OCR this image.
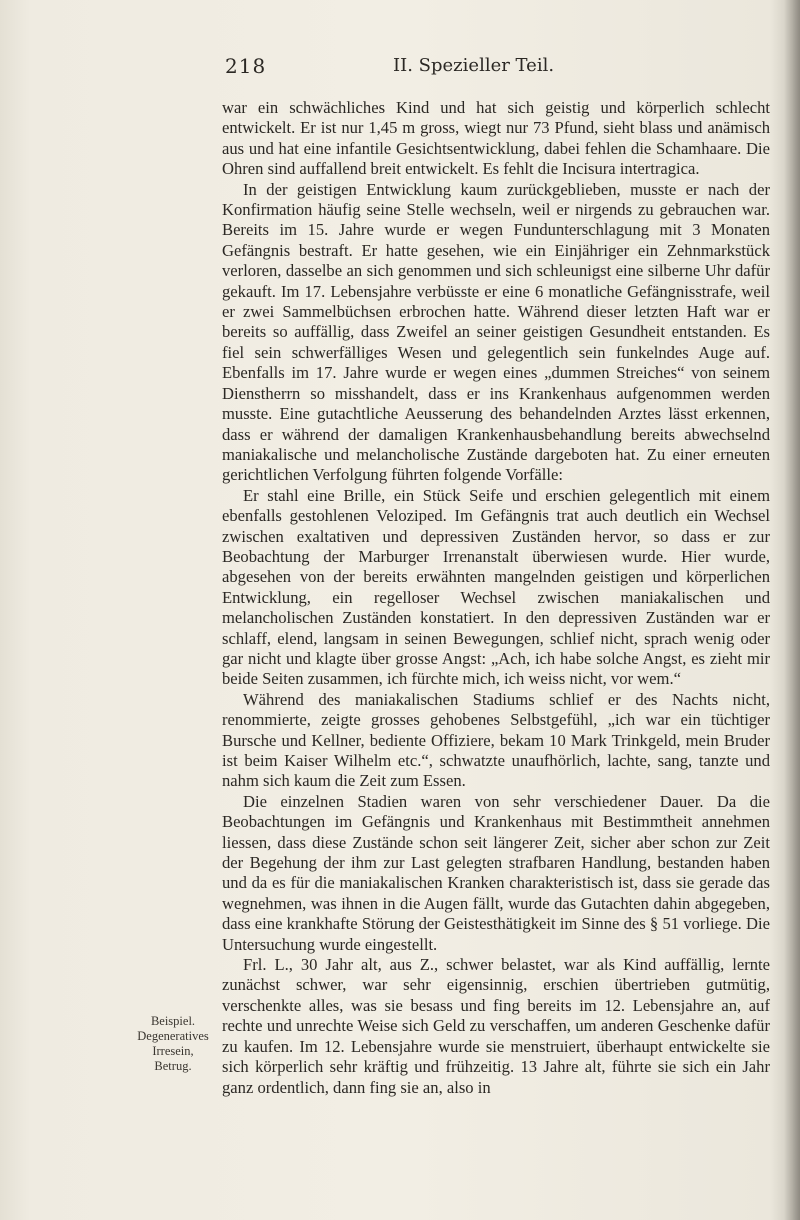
218	II. Spezieller Teil.

war ein schwächliches Kind und hat sich geistig und körperlich schlecht entwickelt. Er ist nur 1,45 m gross, wiegt nur 73 Pfund, sieht blass und anämisch aus und hat eine infantile Gesichtsentwicklung, dabei fehlen die Schamhaare. Die Ohren sind auffallend breit entwickelt. Es fehlt die Incisura intertragica.

In der geistigen Entwicklung kaum zurückgeblieben, musste er nach der Konfirmation häufig seine Stelle wechseln, weil er nirgends zu gebrauchen war. Bereits im 15. Jahre wurde er wegen Fundunterschlagung mit 3 Monaten Gefängnis bestraft. Er hatte gesehen, wie ein Einjähriger ein Zehnmarkstück verloren, dasselbe an sich genommen und sich schleunigst eine silberne Uhr dafür gekauft. Im 17. Lebensjahre verbüsste er eine 6 monatliche Gefängnisstrafe, weil er zwei Sammelbüchsen erbrochen hatte. Während dieser letzten Haft war er bereits so auffällig, dass Zweifel an seiner geistigen Gesundheit entstanden. Es fiel sein schwerfälliges Wesen und gelegentlich sein funkelndes Auge auf. Ebenfalls im 17. Jahre wurde er wegen eines „dummen Streiches“ von seinem Dienstherrn so misshandelt, dass er ins Krankenhaus aufgenommen werden musste. Eine gutachtliche Aeusserung des behandelnden Arztes lässt erkennen, dass er während der damaligen Krankenhausbehandlung bereits abwechselnd maniakalische und melancholische Zustände dargeboten hat. Zu einer erneuten gerichtlichen Verfolgung führten folgende Vorfälle:

Er stahl eine Brille, ein Stück Seife und erschien gelegentlich mit einem ebenfalls gestohlenen Veloziped. Im Gefängnis trat auch deutlich ein Wechsel zwischen exaltativen und depressiven Zuständen hervor, so dass er zur Beobachtung der Marburger Irrenanstalt überwiesen wurde. Hier wurde, abgesehen von der bereits erwähnten mangelnden geistigen und körperlichen Entwicklung, ein regelloser Wechsel zwischen maniakalischen und melancholischen Zuständen konstatiert. In den depressiven Zuständen war er schlaff, elend, langsam in seinen Bewegungen, schlief nicht, sprach wenig oder gar nicht und klagte über grosse Angst: „Ach, ich habe solche Angst, es zieht mir beide Seiten zusammen, ich fürchte mich, ich weiss nicht, vor wem.“

Während des maniakalischen Stadiums schlief er des Nachts nicht, renommierte, zeigte grosses gehobenes Selbstgefühl, „ich war ein tüchtiger Bursche und Kellner, bediente Offiziere, bekam 10 Mark Trinkgeld, mein Bruder ist beim Kaiser Wilhelm etc.“, schwatzte unaufhörlich, lachte, sang, tanzte und nahm sich kaum die Zeit zum Essen.

Die einzelnen Stadien waren von sehr verschiedener Dauer. Da die Beobachtungen im Gefängnis und Krankenhaus mit Bestimmtheit annehmen liessen, dass diese Zustände schon seit längerer Zeit, sicher aber schon zur Zeit der Begehung der ihm zur Last gelegten strafbaren Handlung, bestanden haben und da es für die maniakalischen Kranken charakteristisch ist, dass sie gerade das wegnehmen, was ihnen in die Augen fällt, wurde das Gutachten dahin abgegeben, dass eine krankhafte Störung der Geistesthätigkeit im Sinne des § 51 vorliege. Die Untersuchung wurde eingestellt.

Frl. L., 30 Jahr alt, aus Z., schwer belastet, war als Kind auffällig, lernte zunächst schwer, war sehr eigensinnig, erschien übertrieben gutmütig, verschenkte alles, was sie besass und fing bereits im 12. Lebensjahre an, auf rechte und unrechte Weise sich Geld zu verschaffen, um anderen Geschenke dafür zu kaufen. Im 12. Lebensjahre wurde sie menstruiert, überhaupt entwickelte sie sich körperlich sehr kräftig und frühzeitig. 13 Jahre alt, führte sie sich ein Jahr ganz ordentlich, dann fing sie an, also in

Beispiel.
Degeneratives
Irresein,
Betrug.
